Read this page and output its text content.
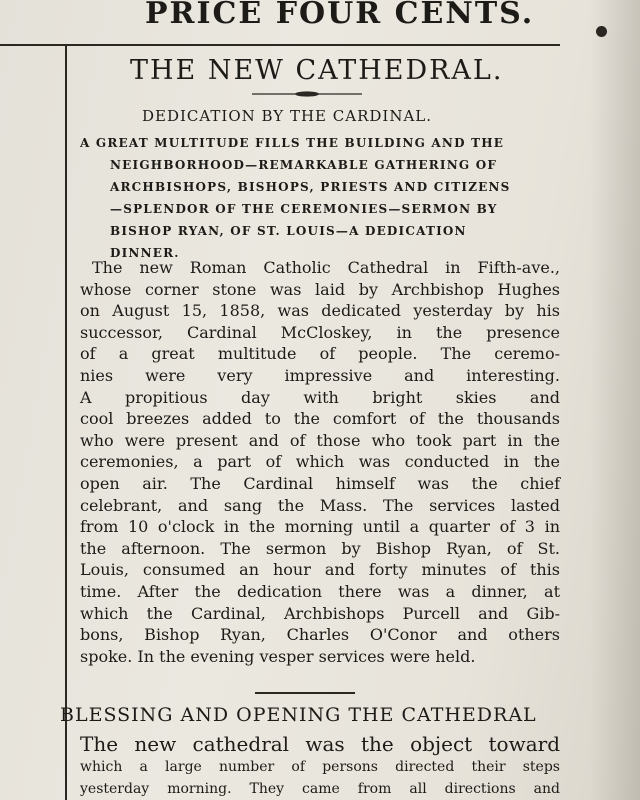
PRICE FOUR CENTS.
THE NEW CATHEDRAL.
DEDICATION BY THE CARDINAL.
A GREAT MULTITUDE FILLS THE BUILDING AND THE
NEIGHBORHOOD—REMARKABLE GATHERING OF
ARCHBISHOPS, BISHOPS, PRIESTS AND CITIZENS
—SPLENDOR OF THE CEREMONIES—SERMON BY
BISHOP RYAN, OF ST. LOUIS—A DEDICATION
DINNER.
The new Roman Catholic Cathedral in Fifth-ave.,
whose corner stone was laid by Archbishop Hughes
on August 15, 1858, was dedicated yesterday by his
successor, Cardinal McCloskey, in the presence
of a great multitude of people. The ceremo-
nies were very impressive and interesting.
A propitious day with bright skies and
cool breezes added to the comfort of the thousands
who were present and of those who took part in the
ceremonies, a part of which was conducted in the
open air. The Cardinal himself was the chief
celebrant, and sang the Mass. The services lasted
from 10 o'clock in the morning until a quarter of 3 in
the afternoon. The sermon by Bishop Ryan, of St.
Louis, consumed an hour and forty minutes of this
time. After the dedication there was a dinner, at
which the Cardinal, Archbishops Purcell and Gib-
bons, Bishop Ryan, Charles O'Conor and others
spoke. In the evening vesper services were held.
BLESSING AND OPENING THE CATHEDRAL
The new cathedral was the object toward
which a large number of persons directed their steps
yesterday morning. They came from all directions and
